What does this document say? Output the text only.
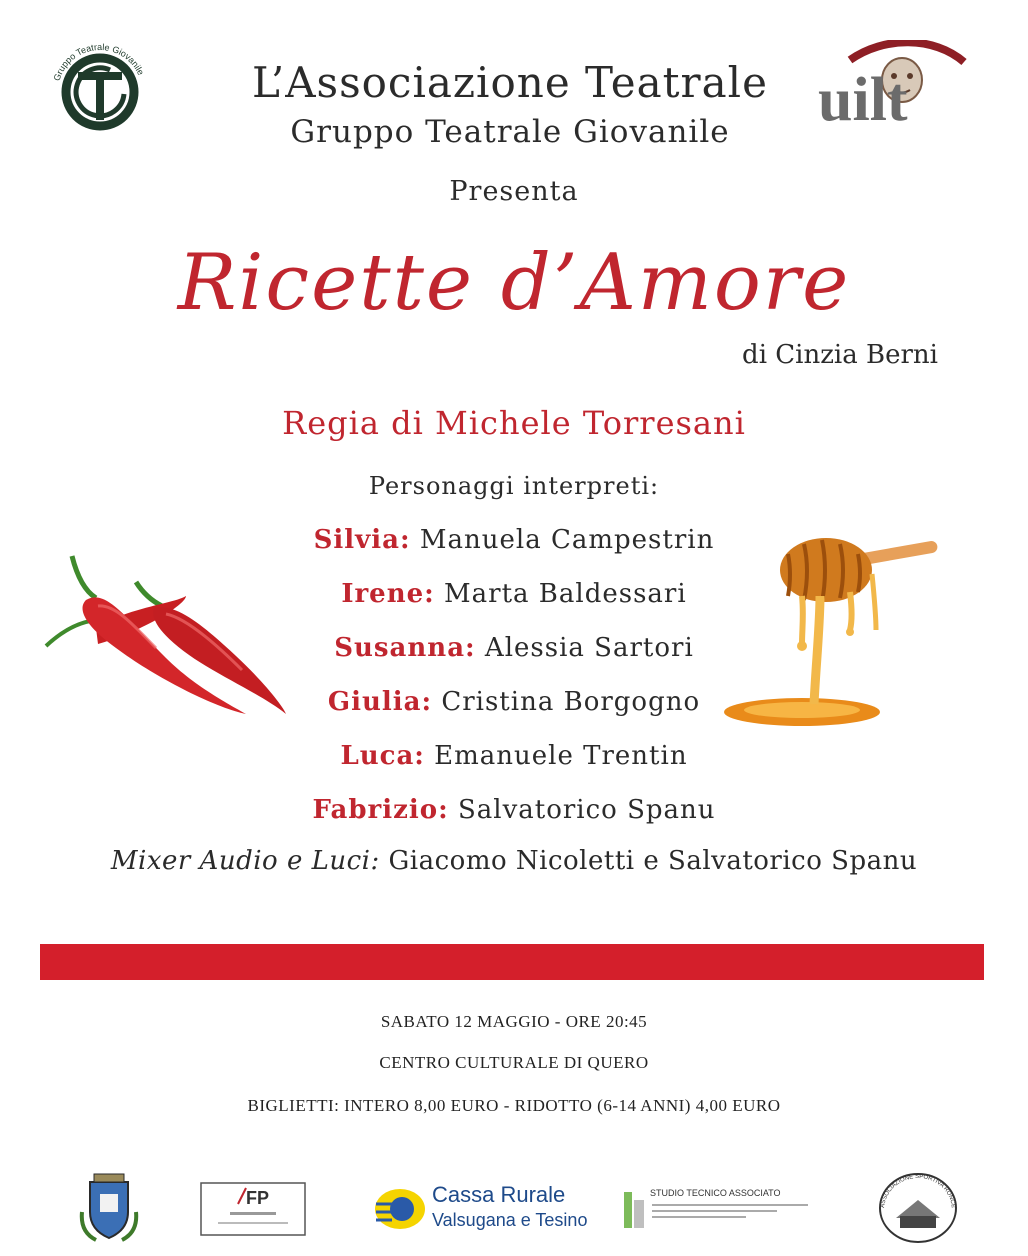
Gruppo Teatrale Giovanile
Roncegno	uilt
L’Associazione Teatrale
Gruppo Teatrale Giovanile
Presenta
Ricette d’Amore
di Cinzia Berni
Regia di Michele Torresani
Personaggi interpreti:
Silvia: Manuela Campestrin
Irene: Marta Baldessari
Susanna: Alessia Sartori
Giulia: Cristina Borgogno
Luca: Emanuele Trentin
Fabrizio: Salvatorico Spanu
Mixer Audio e Luci: Giacomo Nicoletti e Salvatorico Spanu
SABATO 12 MAGGIO - ORE 20:45
CENTRO CULTURALE DI QUERO
BIGLIETTI: INTERO 8,00 EURO - RIDOTTO (6-14 ANNI) 4,00 EURO
FP	Cassa Rurale
Valsugana e Tesino
STUDIO TECNICO ASSOCIATO
ASSOCIAZIONE SPORTIVA RONCE
